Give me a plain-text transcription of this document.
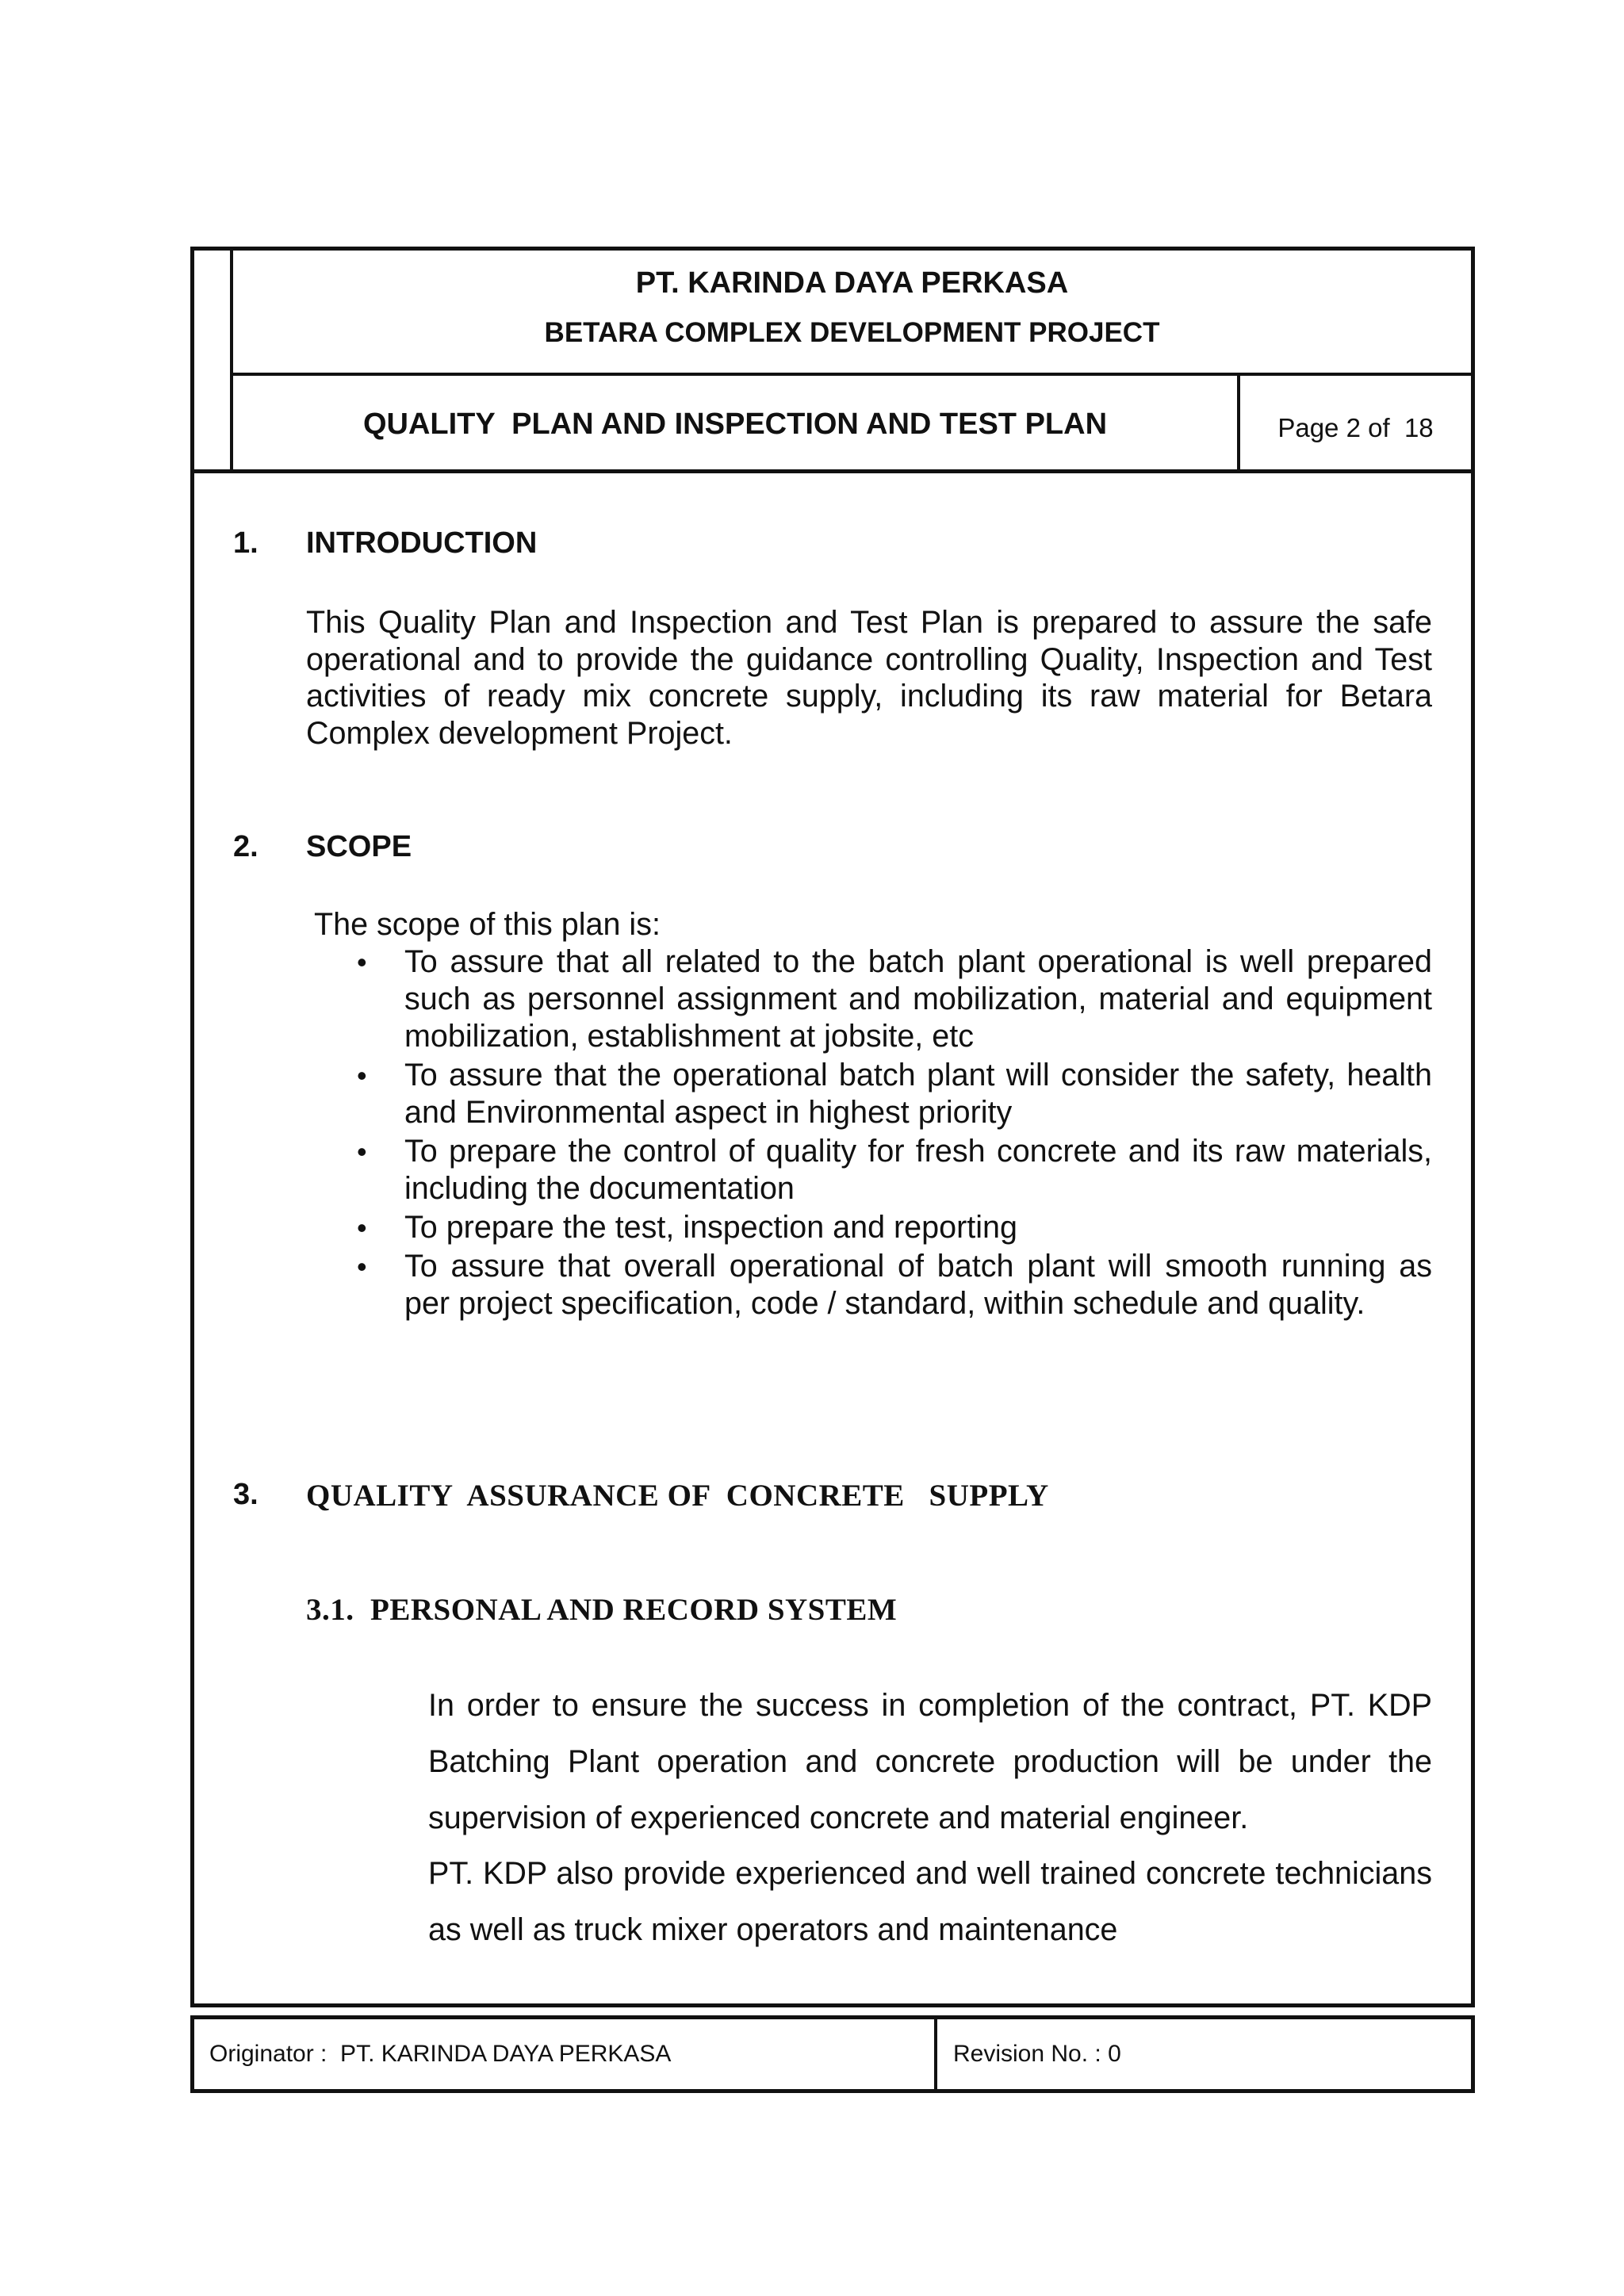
PT. KARINDA DAYA PERKASA
BETARA COMPLEX DEVELOPMENT PROJECT
QUALITY  PLAN AND INSPECTION AND TEST PLAN	Page 2 of  18
1. INTRODUCTION
This Quality Plan and Inspection and Test Plan is prepared to assure the safe operational and to provide the guidance controlling Quality, Inspection and Test activities of ready mix concrete supply, including its raw material for Betara Complex development Project.
2. SCOPE
The scope of this plan is:
• To assure that all related to the batch plant operational is well prepared such as personnel assignment and mobilization, material and equipment mobilization, establishment at jobsite, etc
• To assure that the operational batch plant will consider the safety, health and Environmental aspect in highest priority
• To prepare the control of quality for fresh concrete and its raw materials, including the documentation
• To prepare the test, inspection and reporting
• To assure that overall operational of batch plant will smooth running as per project specification, code / standard, within schedule and quality.
3. QUALITY  ASSURANCE OF  CONCRETE   SUPPLY
3.1.  PERSONAL AND RECORD SYSTEM
In order to ensure the success in completion of the contract, PT. KDP Batching Plant operation and concrete production will be under the supervision of experienced concrete and material engineer.
PT. KDP also provide experienced and well trained concrete technicians as well as truck mixer operators and maintenance
Originator :  PT. KARINDA DAYA PERKASA	Revision No. : 0
